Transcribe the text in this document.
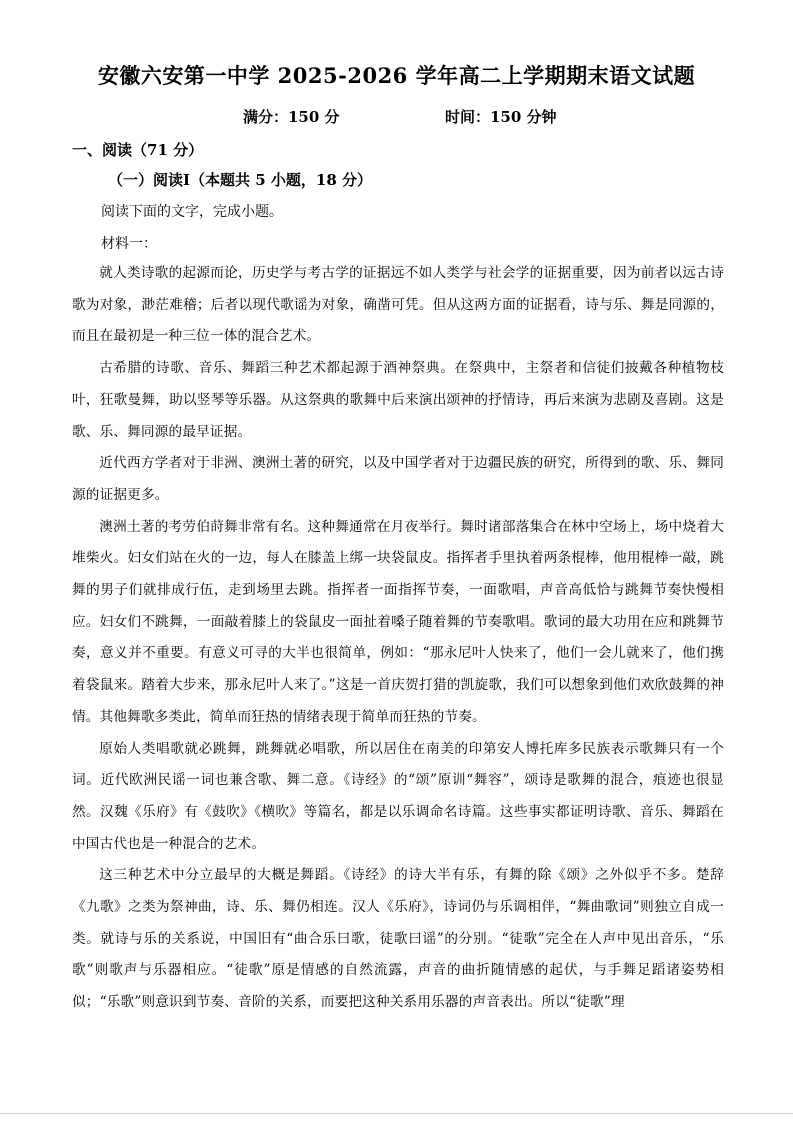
安徽六安第一中学 2025-2026 学年高二上学期期末语文试题
满分：150 分	时间：150 分钟
一、阅读（71 分）
（一）阅读Ⅰ（本题共 5 小题，18 分）
阅读下面的文字，完成小题。
材料一：

就人类诗歌的起源而论，历史学与考古学的证据远不如人类学与社会学的证据重要，因为前者以远古诗歌为对象，渺茫难稽；后者以现代歌谣为对象，确凿可凭。但从这两方面的证据看，诗与乐、舞是同源的，而且在最初是一种三位一体的混合艺术。

古希腊的诗歌、音乐、舞蹈三种艺术都起源于酒神祭典。在祭典中，主祭者和信徒们披戴各种植物枝叶，狂歌曼舞，助以竖琴等乐器。从这祭典的歌舞中后来演出颂神的抒情诗，再后来演为悲剧及喜剧。这是歌、乐、舞同源的最早证据。

近代西方学者对于非洲、澳洲土著的研究，以及中国学者对于边疆民族的研究，所得到的歌、乐、舞同源的证据更多。

澳洲土著的考劳伯莳舞非常有名。这种舞通常在月夜举行。舞时诸部落集合在林中空场上，场中烧着大堆柴火。妇女们站在火的一边，每人在膝盖上绑一块袋鼠皮。指挥者手里执着两条棍棒，他用棍棒一敲，跳舞的男子们就排成行伍，走到场里去跳。指挥者一面指挥节奏，一面歌唱，声音高低恰与跳舞节奏快慢相应。妇女们不跳舞，一面敲着膝上的袋鼠皮一面扯着嗓子随着舞的节奏歌唱。歌词的最大功用在应和跳舞节奏，意义并不重要。有意义可寻的大半也很简单，例如：“那永尼叶人快来了，他们一会儿就来了，他们携着袋鼠来。踏着大步来，那永尼叶人来了。”这是一首庆贺打猎的凯旋歌，我们可以想象到他们欢欣鼓舞的神情。其他舞歌多类此，简单而狂热的情绪表现于简单而狂热的节奏。

原始人类唱歌就必跳舞，跳舞就必唱歌，所以居住在南美的印第安人博托库多民族表示歌舞只有一个词。近代欧洲民谣一词也兼含歌、舞二意。《诗经》的“颂”原训“舞容”，颂诗是歌舞的混合，痕迹也很显然。汉魏《乐府》有《鼓吹》《横吹》等篇名，都是以乐调命名诗篇。这些事实都证明诗歌、音乐、舞蹈在中国古代也是一种混合的艺术。

这三种艺术中分立最早的大概是舞蹈。《诗经》的诗大半有乐，有舞的除《颂》之外似乎不多。楚辞《九歌》之类为祭神曲，诗、乐、舞仍相连。汉人《乐府》，诗词仍与乐调相伴，“舞曲歌词”则独立自成一类。就诗与乐的关系说，中国旧有“曲合乐曰歌，徒歌曰谣”的分别。“徒歌”完全在人声中见出音乐，“乐歌”则歌声与乐器相应。“徒歌”原是情感的自然流露，声音的曲折随情感的起伏，与手舞足蹈诸姿势相似；“乐歌”则意识到节奏、音阶的关系，而要把这种关系用乐器的声音表出。所以“徒歌”理
